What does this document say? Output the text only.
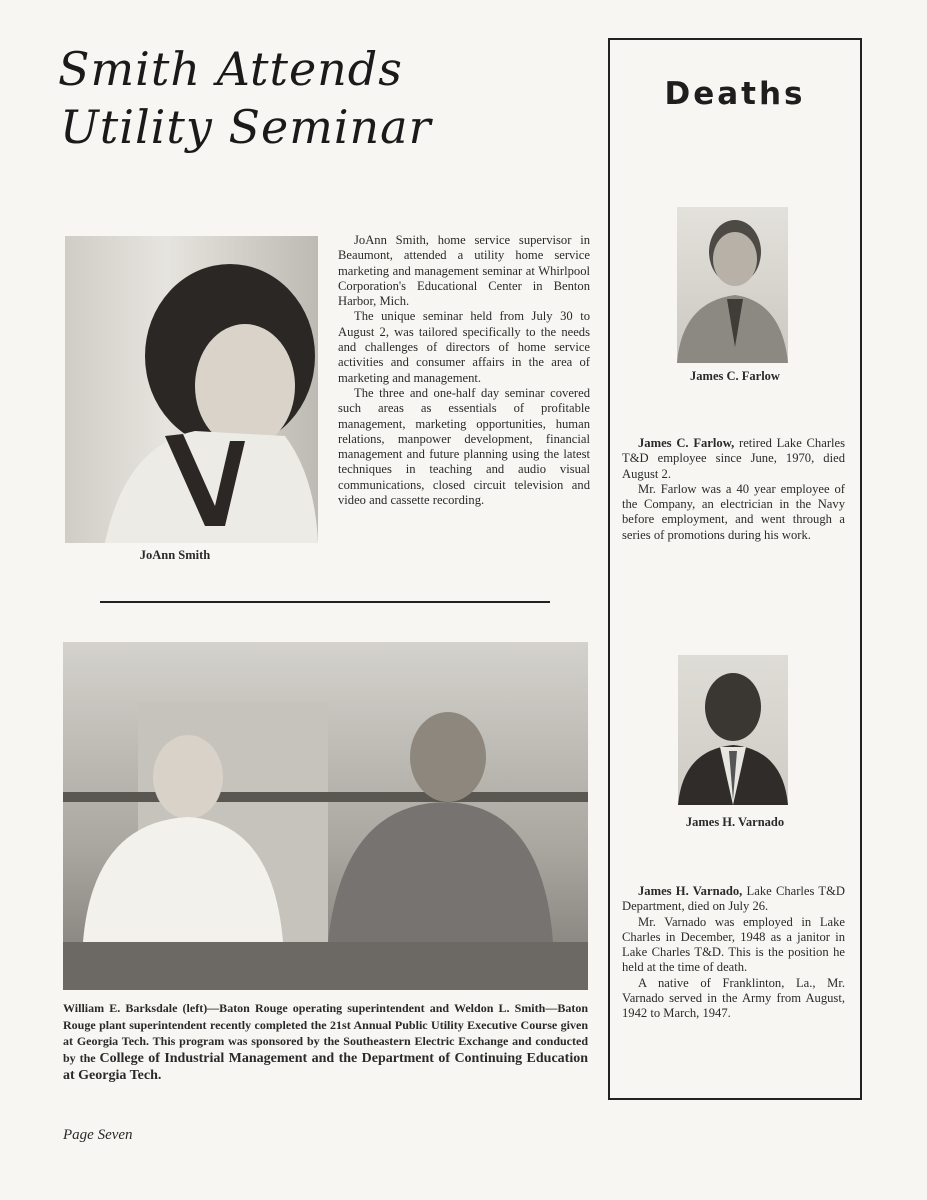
Smith Attends
Utility Seminar
JoAnn Smith

JoAnn Smith, home service supervisor in Beaumont, attended a utility home service marketing and management seminar at Whirlpool Corporation's Educational Center in Benton Harbor, Mich.

The unique seminar held from July 30 to August 2, was tailored specifically to the needs and challenges of directors of home service activities and consumer affairs in the area of marketing and management.

The three and one-half day seminar covered such areas as essentials of profitable management, marketing opportunities, human relations, manpower development, financial management and future planning using the latest techniques in teaching and audio visual communications, closed circuit television and video and cassette recording.

William E. Barksdale (left)—Baton Rouge operating superintendent and Weldon L. Smith—Baton Rouge plant superintendent recently completed the 21st Annual Public Utility Executive Course given at Georgia Tech. This program was sponsored by the Southeastern Electric Exchange and conducted by the College of Industrial Management and the Department of Continuing Education at Georgia Tech.
Page Seven
Deaths
James C. Farlow

James C. Farlow, retired Lake Charles T&D employee since June, 1970, died August 2.

Mr. Farlow was a 40 year employee of the Company, an electrician in the Navy before employment, and went through a series of promotions during his work.

James H. Varnado

James H. Varnado, Lake Charles T&D Department, died on July 26.

Mr. Varnado was employed in Lake Charles in December, 1948 as a janitor in Lake Charles T&D. This is the position he held at the time of death.

A native of Franklinton, La., Mr. Varnado served in the Army from August, 1942 to March, 1947.
